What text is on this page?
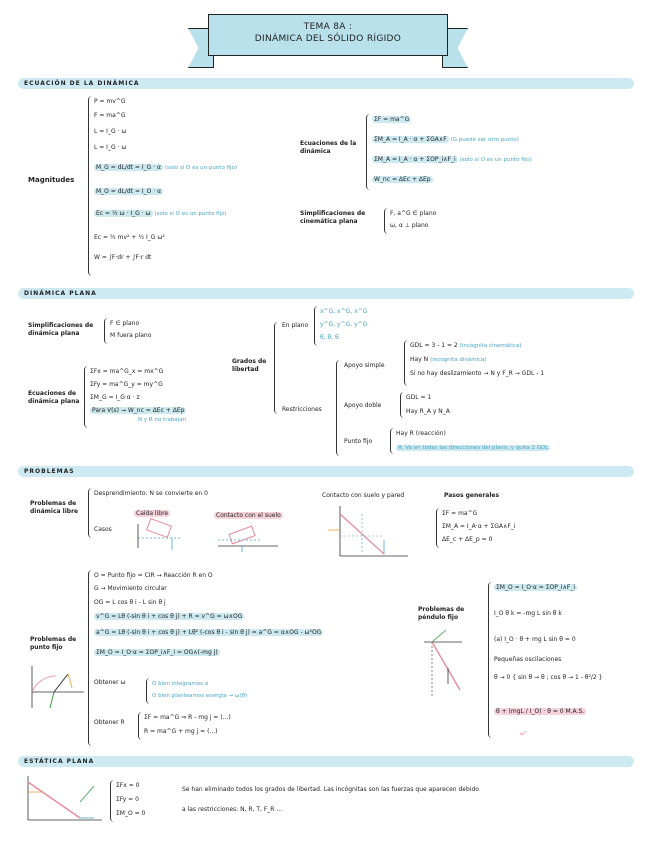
TEMA 8A :
DINÁMICA DEL SÓLIDO RÍGIDO
ECUACIÓN DE LA DINÁMICA
Magnitudes
P = mv^G
F = ma^G
L = I_G · ω
L = I_G · ω
M_G = dL/dt = I_G · α (solo si O es un punto fijo)
M_O = dL/dt = I_O · α
Ec = ½ ω · I_G · ω (solo si O es un punto fijo)
Ec = ½ mv² + ½ I_G ω²
W = ∫F·dr + ∫F·r dt
Ecuaciones de la dinámica
ΣF = ma^G
ΣM_A = I_A · α + ΣGA∧F (G puede ser otro punto)
ΣM_A = I_A · α + ΣOP_i∧F_i (solo si O es un punto fijo)
W_nc = ΔEc + ΔEp
Simplificaciones de cinemática plana
F, a^G ∈ plano
ω, α ⊥ plano
DINÁMICA PLANA
Simplificaciones de dinámica plana
F ∈ plano
M fuera plano
Ecuaciones de dinámica plana
ΣFx = ma^G_x = mx^G
ΣFy = ma^G_y = my^G
ΣM_G = I_G·α · z
Para V(s) → W_nc = ΔEc + ΔEp
N y R no trabajan
Grados de libertad
En plano
x^G, x^G, x^G
y^G, y^G, y^G
θ, θ, θ
Restricciones
Apoyo simple
GDL = 3 - 1 = 2 (incógnita cinemática)
Hay N (incógnita dinámica)
Si no hay deslizamiento → N y F_R → GDL - 1
Apoyo doble
GDL = 1
Hay R_A y N_A
Punto fijo
Hay R (reacción)
R: Va en todas las direcciones del plano, y quita 2 GDL
PROBLEMAS
Problemas de dinámica libre
Desprendimiento: N se convierte en 0
Casos
Caída libre	Contacto con el suelo
Contacto con suelo y pared	Pasos generales
ΣF = ma^G
ΣM_A = I_A·α + ΣGA∧F_i
ΔE_c + ΔE_p = 0
Problemas de punto fijo
O = Punto fijo = CIR → Reacción R en O
G → Movimiento circular
OG = L cos θ i - L sin θ j
v^G = Lθ (-sin θ i + cos θ j) + R = v^G = ω∧OG
a^G = Lθ (-sin θ i + cos θ j) + Lθ² (-cos θ i - sin θ j) = a^G = α∧OG - ω²OG
ΣM_O = I_O·α = ΣOP_i∧F_i = OG∧(-mg j)
Obtener ω
Obtener R
O bien integramos α
O bien planteamos energía → ω(θ)
ΣF = ma^G ⇒ R - mg j = (...)
R = ma^G + mg j = (...)
Problemas de péndulo fijo
ΣM_O = I_O·α = ΣOP_i∧F_i
I_O θ k = -mg L sin θ k
(a) I_O · θ + mg L sin θ = 0
Pequeñas oscilaciones
θ → 0 { sin θ → θ ; cos θ → 1 - θ²/2 }
θ + (mgL / I_O) · θ = 0 M.A.S.
ω²
ESTÁTICA PLANA
ΣFx = 0
ΣFy = 0
ΣM_O = 0
Se han eliminado todos los grados de libertad. Las incógnitas son las fuerzas que aparecen debido
a las restricciones: N, R, T, F_R ...
